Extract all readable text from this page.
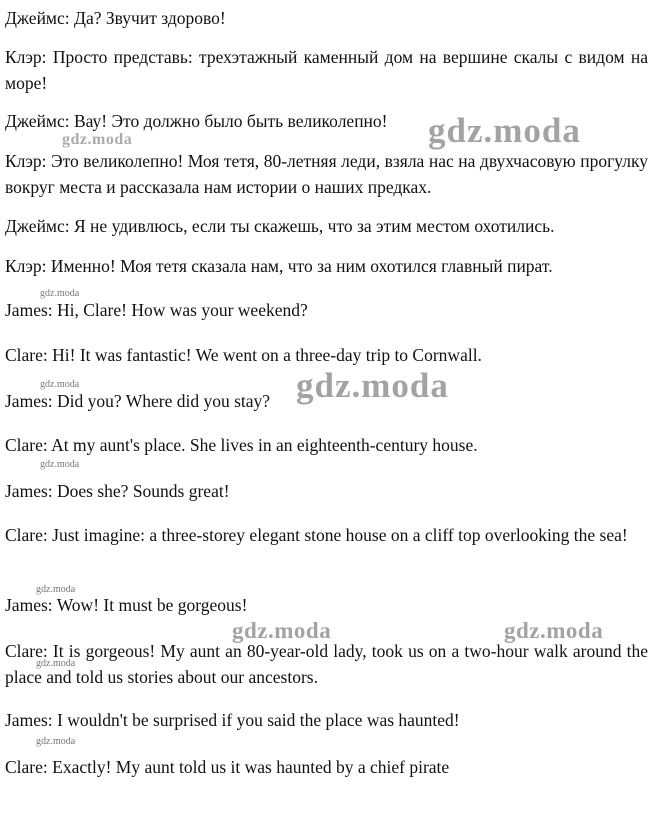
Джеймс: Да? Звучит здорово!

Клэр: Просто представь: трехэтажный каменный дом на вершине скалы с видом на море!

Джеймс: Вау! Это должно было быть великолепно!

Клэр: Это великолепно! Моя тетя, 80-летняя леди, взяла нас на двухчасовую прогулку вокруг места и рассказала нам истории о наших предках.

Джеймс: Я не удивлюсь, если ты скажешь, что за этим местом охотились.

Клэр: Именно! Моя тетя сказала нам, что за ним охотился главный пират.

James: Hi, Clare! How was your weekend?

Clare: Hi! It was fantastic! We went on a three-day trip to Cornwall.

James: Did you? Where did you stay?

Clare: At my aunt's place. She lives in an eighteenth-century house.

James: Does she? Sounds great!

Clare: Just imagine: a three-storey elegant stone house on a cliff top overlooking the sea!

James: Wow! It must be gorgeous!

Clare: It is gorgeous! My aunt an 80-year-old lady, took us on a two-hour walk around the place and told us stories about our ancestors.

James: I wouldn't be surprised if you said the place was haunted!

Clare: Exactly! My aunt told us it was haunted by a chief pirate

gdz.moda
gdz.moda
gdz.moda
gdz.moda	gdz.moda
gdz.moda
gdz.moda
gdz.moda	gdz.moda
gdz.moda
gdz.moda
